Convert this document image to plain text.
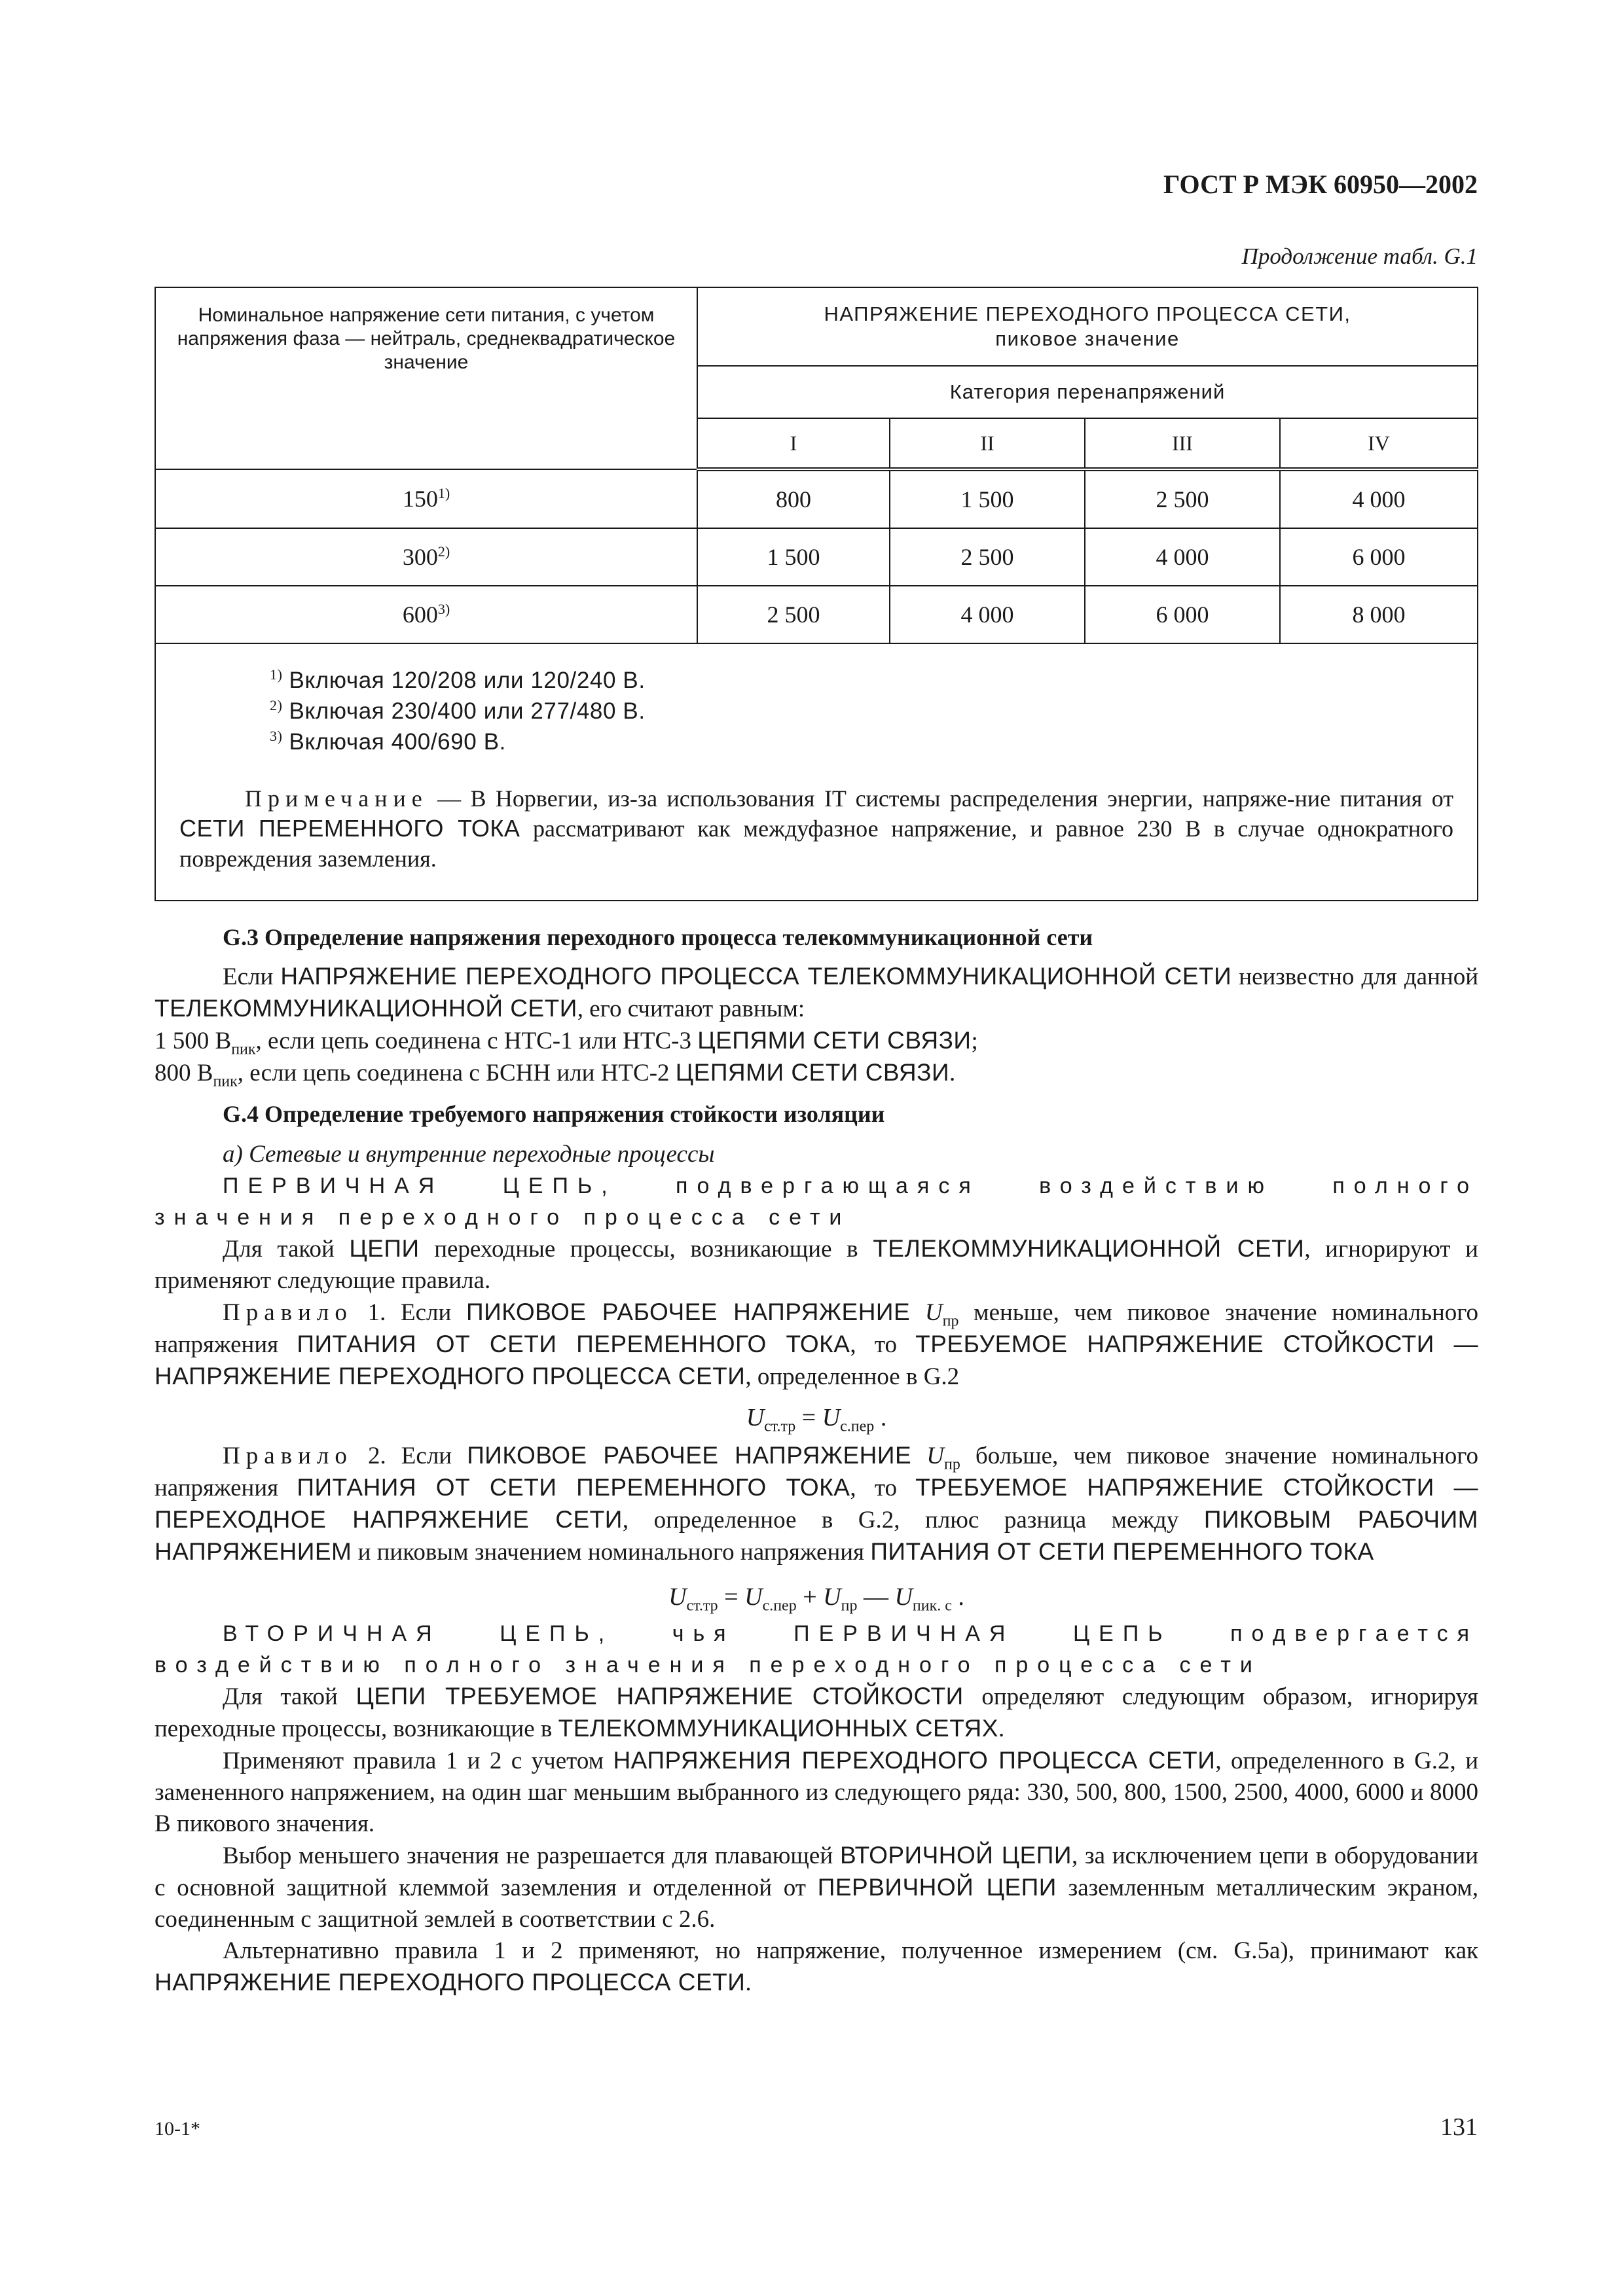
ГОСТ Р МЭК 60950—2002
Продолжение табл. G.1
Номинальное напряжение сети питания, с учетом напряжения фаза — нейтраль, среднеквадратическое значение	НАПРЯЖЕНИЕ ПЕРЕХОДНОГО ПРОЦЕССА СЕТИ,
пиковое значение			

	Категория перенапряжений			
	I	II	III	IV
150$^{1)}$	800	1 500	2 500	4 000
300$^{2)}$	1 500	2 500	4 000	6 000
600$^{3)}$	2 500	4 000	6 000	8 000

$^{1)}$ Включая 120/208 или 120/240 В.
$^{2)}$ Включая 230/400 или 277/480 В.
$^{3)}$ Включая 400/690 В.
Примечание — В Норвегии, из-за использования IT системы распределения энергии, напряже-ние питания от СЕТИ ПЕРЕМЕННОГО ТОКА рассматривают как междуфазное напряжение, и равное 230 В в случае однократного повреждения заземления.				

G.3 Определение напряжения переходного процесса телекоммуникационной сети

Если НАПРЯЖЕНИЕ ПЕРЕХОДНОГО ПРОЦЕССА ТЕЛЕКОММУНИКАЦИОННОЙ СЕТИ неизвестно для данной ТЕЛЕКОММУНИКАЦИОННОЙ СЕТИ, его считают равным:

1 500 $В_{пик}$, если цепь соединена с НТС-1 или НТС-3 ЦЕПЯМИ СЕТИ СВЯЗИ;

800 $В_{пик}$, если цепь соединена с БСНН или НТС-2 ЦЕПЯМИ СЕТИ СВЯЗИ.

G.4 Определение требуемого напряжения стойкости изоляции

а) Сетевые и внутренние переходные процессы

ПЕРВИЧНАЯ ЦЕПЬ, подвергающаяся воздействию полного значения переходного процесса сети

Для такой ЦЕПИ переходные процессы, возникающие в ТЕЛЕКОММУНИКАЦИОННОЙ СЕТИ, игнорируют и применяют следующие правила.

Правило 1. Если ПИКОВОЕ РАБОЧЕЕ НАПРЯЖЕНИЕ $U_{пр}$ меньше, чем пиковое значение номинального напряжения ПИТАНИЯ ОТ СЕТИ ПЕРЕМЕННОГО ТОКА, то ТРЕБУЕМОЕ НАПРЯЖЕНИЕ СТОЙКОСТИ — НАПРЯЖЕНИЕ ПЕРЕХОДНОГО ПРОЦЕССА СЕТИ, определенное в G.2

$U_{ст.тр} = U_{с.пер}$ .

Правило 2. Если ПИКОВОЕ РАБОЧЕЕ НАПРЯЖЕНИЕ $U_{пр}$ больше, чем пиковое значение номинального напряжения ПИТАНИЯ ОТ СЕТИ ПЕРЕМЕННОГО ТОКА, то ТРЕБУЕМОЕ НАПРЯЖЕНИЕ СТОЙКОСТИ — ПЕРЕХОДНОЕ НАПРЯЖЕНИЕ СЕТИ, определенное в G.2, плюс разница между ПИКОВЫМ РАБОЧИМ НАПРЯЖЕНИЕМ и пиковым значением номинального напряжения ПИТАНИЯ ОТ СЕТИ ПЕРЕМЕННОГО ТОКА

$U_{ст.тр} = U_{с.пер} + U_{пр}$ — $U_{пик. с}$ .

ВТОРИЧНАЯ ЦЕПЬ, чья ПЕРВИЧНАЯ ЦЕПЬ подвергается воздействию полного значения переходного процесса сети

Для такой ЦЕПИ ТРЕБУЕМОЕ НАПРЯЖЕНИЕ СТОЙКОСТИ определяют следующим образом, игнорируя переходные процессы, возникающие в ТЕЛЕКОММУНИКАЦИОННЫХ СЕТЯХ.

Применяют правила 1 и 2 с учетом НАПРЯЖЕНИЯ ПЕРЕХОДНОГО ПРОЦЕССА СЕТИ, определенного в G.2, и замененного напряжением, на один шаг меньшим выбранного из следующего ряда: 330, 500, 800, 1500, 2500, 4000, 6000 и 8000 В пикового значения.

Выбор меньшего значения не разрешается для плавающей ВТОРИЧНОЙ ЦЕПИ, за исключением цепи в оборудовании с основной защитной клеммой заземления и отделенной от ПЕРВИЧНОЙ ЦЕПИ заземленным металлическим экраном, соединенным с защитной землей в соответствии с 2.6.

Альтернативно правила 1 и 2 применяют, но напряжение, полученное измерением (см. G.5а), принимают как НАПРЯЖЕНИЕ ПЕРЕХОДНОГО ПРОЦЕССА СЕТИ.

10-1*	131
